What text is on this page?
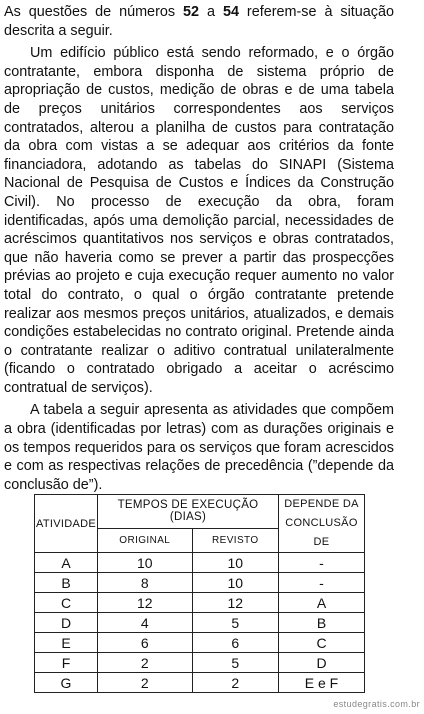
As questões de números 52 a 54 referem-se à situação descrita a seguir.

Um edifício público está sendo reformado, e o órgão contratante, embora disponha de sistema próprio de apropriação de custos, medição de obras e de uma tabela de preços unitários correspondentes aos serviços contratados, alterou a planilha de custos para contratação da obra com vistas a se adequar aos critérios da fonte financiadora, adotando as tabelas do SINAPI (Sistema Nacional de Pesquisa de Custos e Índices da Construção Civil). No processo de execução da obra, foram identificadas, após uma demolição parcial, necessidades de acréscimos quantitativos nos serviços e obras contratados, que não haveria como se prever a partir das prospecções prévias ao projeto e cuja execução requer aumento no valor total do contrato, o qual o órgão contratante pretende realizar aos mesmos preços unitários, atualizados, e demais condições estabelecidas no contrato original. Pretende ainda o contratante realizar o aditivo contratual unilateralmente (ficando o contratado obrigado a aceitar o acréscimo contratual de serviços).

A tabela a seguir apresenta as atividades que compõem a obra (identificadas por letras) com as durações originais e os tempos requeridos para os serviços que foram acrescidos e com as respectivas relações de precedência (”depende da conclusão de”).

ATIVIDADE	TEMPOS DE EXECUÇÃO (DIAS)		DEPENDE DA
CONCLUSÃO DE
	ORIGINAL	REVISTO	
A	10	10	-
B	8	10	-
C	12	12	A
D	4	5	B
E	6	6	C
F	2	5	D
G	2	2	E e F
estudegratis.com.br
